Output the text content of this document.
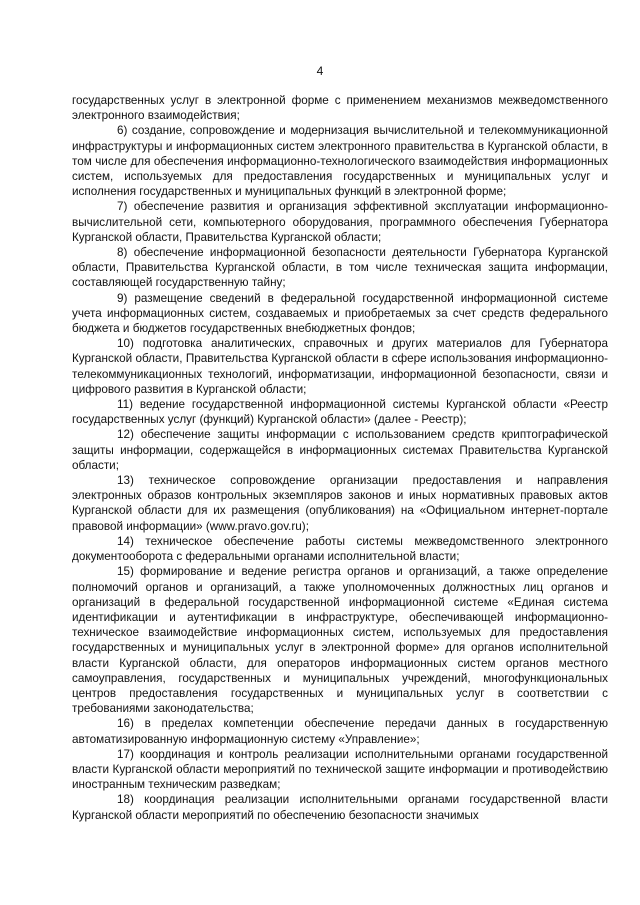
4

государственных услуг в электронной форме с применением механизмов межведомственного электронного взаимодействия;

6) создание, сопровождение и модернизация вычислительной и телекоммуникационной инфраструктуры и информационных систем электронного правительства в Курганской области, в том числе для обеспечения информационно-технологического взаимодействия информационных систем, используемых для предоставления государственных и муниципальных услуг и исполнения государственных и муниципальных функций в электронной форме;

7) обеспечение развития и организация эффективной эксплуатации информационно-вычислительной сети, компьютерного оборудования, программного обеспечения Губернатора Курганской области, Правительства Курганской области;

8) обеспечение информационной безопасности деятельности Губернатора Курганской области, Правительства Курганской области, в том числе техническая защита информации, составляющей государственную тайну;

9) размещение сведений в федеральной государственной информационной системе учета информационных систем, создаваемых и приобретаемых за счет средств федерального бюджета и бюджетов государственных внебюджетных фондов;

10) подготовка аналитических, справочных и других материалов для Губернатора Курганской области, Правительства Курганской области в сфере использования информационно-телекоммуникационных технологий, информатизации, информационной безопасности, связи и цифрового развития в Курганской области;

11) ведение государственной информационной системы Курганской области «Реестр государственных услуг (функций) Курганской области» (далее - Реестр);

12) обеспечение защиты информации с использованием средств криптографической защиты информации, содержащейся в информационных системах Правительства Курганской области;

13) техническое сопровождение организации предоставления и направления электронных образов контрольных экземпляров законов и иных нормативных правовых актов Курганской области для их размещения (опубликования) на «Официальном интернет-портале правовой информации» (www.pravo.gov.ru);

14) техническое обеспечение работы системы межведомственного электронного документооборота с федеральными органами исполнительной власти;

15) формирование и ведение регистра органов и организаций, а также определение полномочий органов и организаций, а также уполномоченных должностных лиц органов и организаций в федеральной государственной информационной системе «Единая система идентификации и аутентификации в инфраструктуре, обеспечивающей информационно-техническое взаимодействие информационных систем, используемых для предоставления государственных и муниципальных услуг в электронной форме» для органов исполнительной власти Курганской области, для операторов информационных систем органов местного самоуправления, государственных и муниципальных учреждений, многофункциональных центров предоставления государственных и муниципальных услуг в соответствии с требованиями законодательства;

16) в пределах компетенции обеспечение передачи данных в государственную автоматизированную информационную систему «Управление»;

17) координация и контроль реализации исполнительными органами государственной власти Курганской области мероприятий по технической защите информации и противодействию иностранным техническим разведкам;

18) координация реализации исполнительными органами государственной власти Курганской области мероприятий по обеспечению безопасности значимых
